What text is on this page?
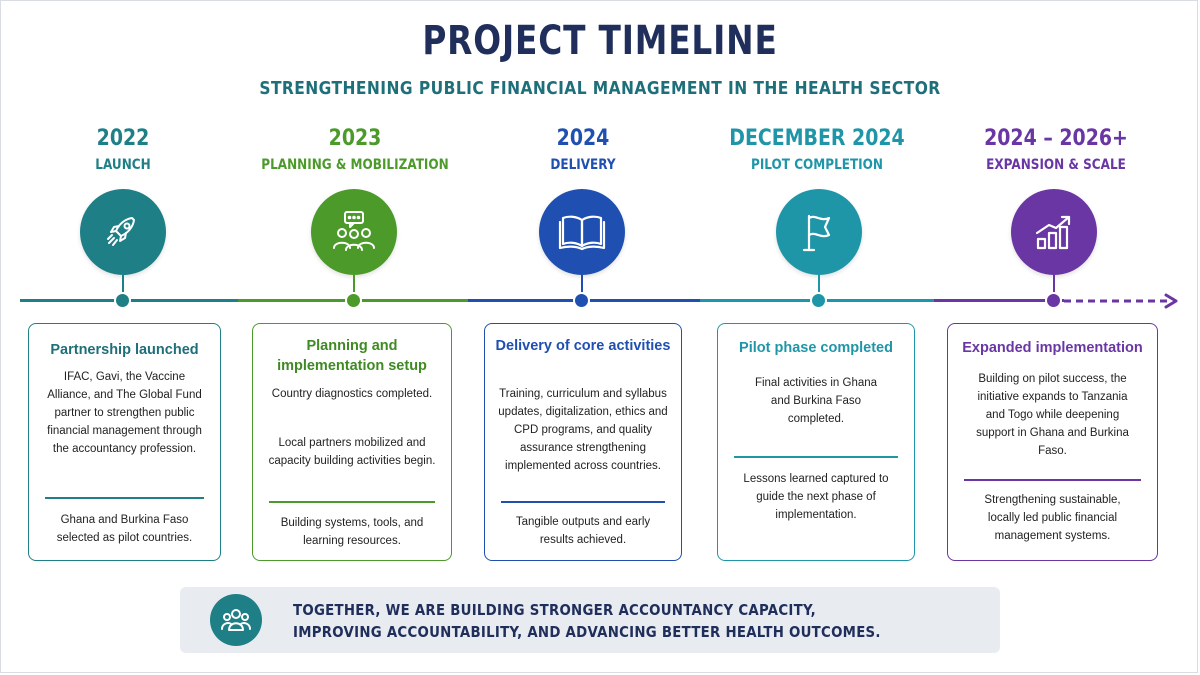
PROJECT TIMELINE
STRENGTHENING PUBLIC FINANCIAL MANAGEMENT IN THE HEALTH SECTOR
2022
LAUNCH
2023
PLANNING & MOBILIZATION
2024
DELIVERY
DECEMBER 2024
PILOT COMPLETION
2024 – 2026+
EXPANSION & SCALE
Partnership launched
IFAC, Gavi, the Vaccine Alliance, and The Global Fund partner to strengthen public financial management through the accountancy profession.
Ghana and Burkina Faso selected as pilot countries.
Planning and implementation setup
Country diagnostics completed.
Local partners mobilized and capacity building activities begin.
Building systems, tools, and learning resources.
Delivery of core activities
Training, curriculum and syllabus updates, digitalization, ethics and CPD programs, and quality assurance strengthening implemented across countries.
Tangible outputs and early results achieved.
Pilot phase completed
Final activities in Ghana and Burkina Faso completed.
Lessons learned captured to guide the next phase of implementation.
Expanded implementation
Building on pilot success, the initiative expands to Tanzania and Togo while deepening support in Ghana and Burkina Faso.
Strengthening sustainable, locally led public financial management systems.
TOGETHER, WE ARE BUILDING STRONGER ACCOUNTANCY CAPACITY, IMPROVING ACCOUNTABILITY, AND ADVANCING BETTER HEALTH OUTCOMES.
